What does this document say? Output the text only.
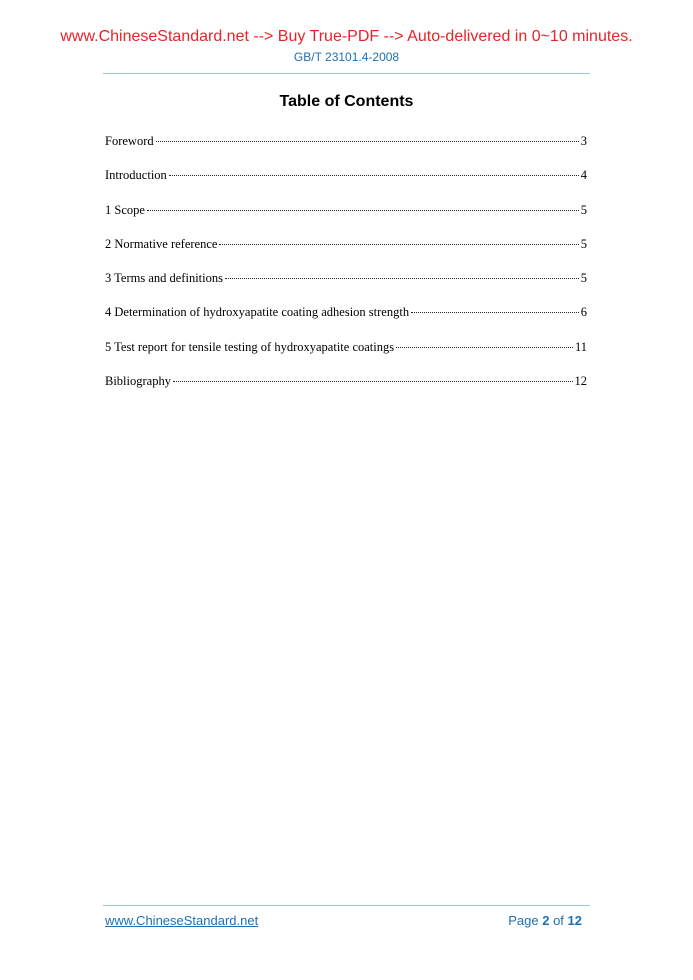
www.ChineseStandard.net --> Buy True-PDF --> Auto-delivered in 0~10 minutes.
GB/T 23101.4-2008
Table of Contents
Foreword	3
Introduction	4
1 Scope	5
2 Normative reference	5
3 Terms and definitions	5
4 Determination of hydroxyapatite coating adhesion strength	6
5 Test report for tensile testing of hydroxyapatite coatings	11
Bibliography	12
www.ChineseStandard.net	Page 2 of 12
